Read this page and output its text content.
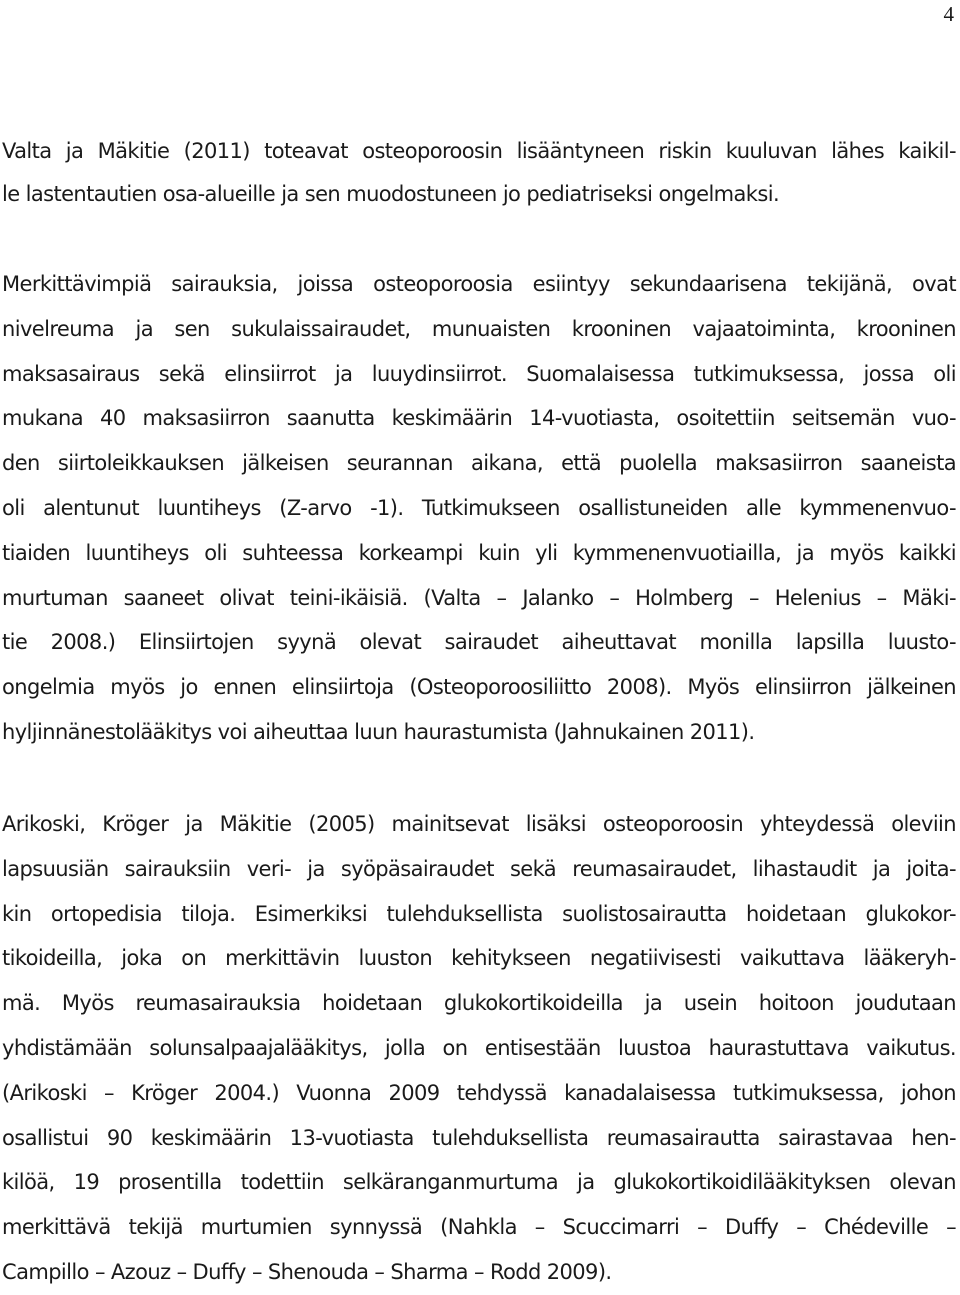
4
Valta ja Mäkitie (2011) toteavat osteoporoosin lisääntyneen riskin kuuluvan lähes kaikil-
le lastentautien osa-alueille ja sen muodostuneen jo pediatriseksi ongelmaksi.
Merkittävimpiä sairauksia, joissa osteoporoosia esiintyy sekundaarisena tekijänä, ovat
nivelreuma ja sen sukulaissairaudet, munuaisten krooninen vajaatoiminta, krooninen
maksasairaus sekä elinsiirrot ja luuydinsiirrot. Suomalaisessa tutkimuksessa, jossa oli
mukana 40 maksasiirron saanutta keskimäärin 14-vuotiasta, osoitettiin seitsemän vuo-
den siirtoleikkauksen jälkeisen seurannan aikana, että puolella maksasiirron saaneista
oli alentunut luuntiheys (Z-arvo -1). Tutkimukseen osallistuneiden alle kymmenenvuo-
tiaiden luuntiheys oli suhteessa korkeampi kuin yli kymmenenvuotiailla, ja myös kaikki
murtuman saaneet olivat teini-ikäisiä. (Valta – Jalanko – Holmberg – Helenius – Mäki-
tie 2008.) Elinsiirtojen syynä olevat sairaudet aiheuttavat monilla lapsilla luusto-
ongelmia myös jo ennen elinsiirtoja (Osteoporoosiliitto 2008). Myös elinsiirron jälkeinen
hyljinnänestolääkitys voi aiheuttaa luun haurastumista (Jahnukainen 2011).
Arikoski, Kröger ja Mäkitie (2005) mainitsevat lisäksi osteoporoosin yhteydessä oleviin
lapsuusiän sairauksiin veri- ja syöpäsairaudet sekä reumasairaudet, lihastaudit ja joita-
kin ortopedisia tiloja. Esimerkiksi tulehduksellista suolistosairautta hoidetaan glukokor-
tikoideilla, joka on merkittävin luuston kehitykseen negatiivisesti vaikuttava lääkeryh-
mä. Myös reumasairauksia hoidetaan glukokortikoideilla ja usein hoitoon joudutaan
yhdistämään solunsalpaajalääkitys, jolla on entisestään luustoa haurastuttava vaikutus.
(Arikoski – Kröger 2004.) Vuonna 2009 tehdyssä kanadalaisessa tutkimuksessa, johon
osallistui 90 keskimäärin 13-vuotiasta tulehduksellista reumasairautta sairastavaa hen-
kilöä, 19 prosentilla todettiin selkäranganmurtuma ja glukokortikoidilääkityksen olevan
merkittävä tekijä murtumien synnyssä (Nahkla – Scuccimarri – Duffy – Chédeville –
Campillo – Azouz – Duffy – Shenouda – Sharma – Rodd 2009).
